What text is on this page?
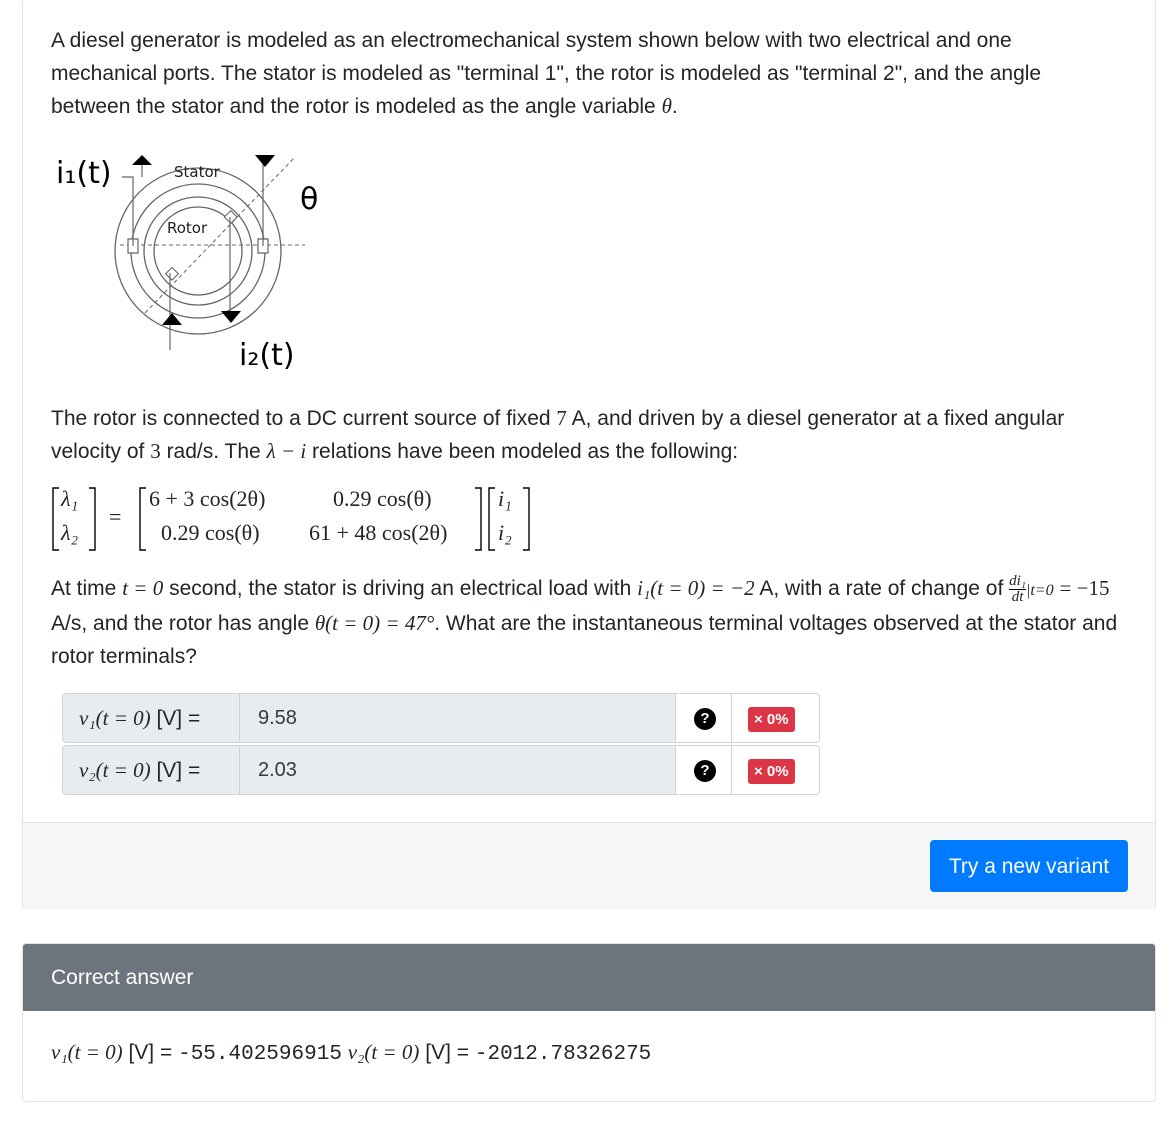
Try a new variant

A diesel generator is modeled as an electromechanical system shown below with two electrical and one mechanical ports. The stator is modeled as "terminal 1", the rotor is modeled as "terminal 2", and the angle between the stator and the rotor is modeled as the angle variable θ.

i₁(t)	Stator
Rotor
θ
i₂(t)

The rotor is connected to a DC current source of fixed 7 A, and driven by a diesel generator at a fixed angular velocity of 3 rad/s. The λ − i relations have been modeled as the following:

λ₁
λ₂
=
6 + 3 cos(2θ)	0.29 cos(θ)
0.29 cos(θ) 61 + 48 cos(2θ)
i₁
i₂

At time t = 0 second, the stator is driving an electrical load with i₁(t = 0) = −2 A, with a rate of change of $\frac{\text{di₁}}{dt} |t=0 = -15$ A/s, and the rotor has angle θ(t = 0) = 47°. What are the instantaneous terminal voltages observed at the stator and rotor terminals?

v₁(t = 0) [V] =	9.58	?	× 0%
v₂(t = 0) [V] =	2.03	?	× 0%
Correct answer
v₁(t = 0) [V] = -55.402596915 v₂(t = 0) [V] = -2012.78326275
